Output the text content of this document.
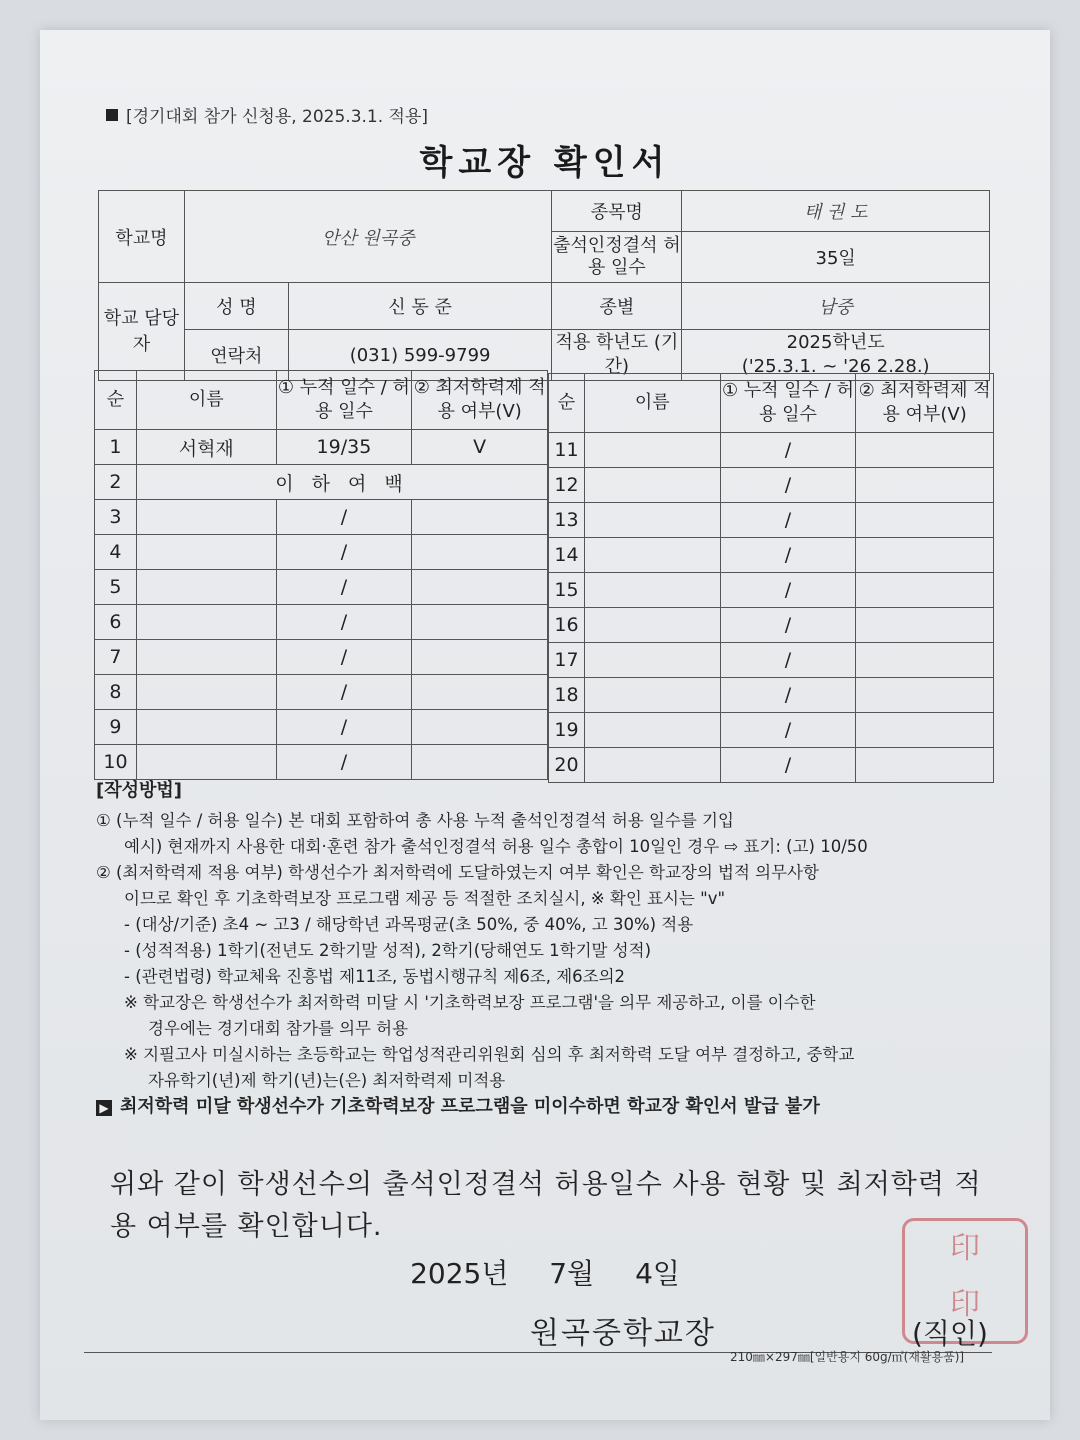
[경기대회 참가 신청용, 2025.3.1. 적용]
학교장 확인서
학교명	안산 원곡중		종목명	태 권 도
			출석인정결석 허용 일수	35일
학교 담당자	성 명	신 동 준	종별	남중
	연락처	(031) 599-9799	적용 학년도 (기간)	2025학년도
('25.3.1. ~ '26 2.28.)
순	이름	① 누적 일수 / 허용 일수	② 최저학력제 적용 여부(V)
1	서혁재	19/35	V
2	이 하 여 백		
3		/	
4		/	
5		/	
6		/	
7		/	
8		/	
9		/	
10		/	
순	이름	① 누적 일수 / 허용 일수	② 최저학력제 적용 여부(V)
11		/	
12		/	
13		/	
14		/	
15		/	
16		/	
17		/	
18		/	
19		/	
20		/	

[작성방법]

① (누적 일수 / 허용 일수) 본 대회 포함하여 총 사용 누적 출석인정결석 허용 일수를 기입

예시) 현재까지 사용한 대회·훈련 참가 출석인정결석 허용 일수 총합이 10일인 경우 ⇨ 표기: (고) 10/50

② (최저학력제 적용 여부) 학생선수가 최저학력에 도달하였는지 여부 확인은 학교장의 법적 의무사항

이므로 확인 후 기초학력보장 프로그램 제공 등 적절한 조치실시, ※ 확인 표시는 "v"

- (대상/기준) 초4 ~ 고3 / 해당학년 과목평균(초 50%, 중 40%, 고 30%) 적용

- (성적적용) 1학기(전년도 2학기말 성적), 2학기(당해연도 1학기말 성적)

- (관련법령) 학교체육 진흥법 제11조, 동법시행규칙 제6조, 제6조의2

※ 학교장은 학생선수가 최저학력 미달 시 '기초학력보장 프로그램'을 의무 제공하고, 이를 이수한

경우에는 경기대회 참가를 의무 허용

※ 지필고사 미실시하는 초등학교는 학업성적관리위원회 심의 후 최저학력 도달 여부 결정하고, 중학교

자유학기(년)제 학기(년)는(은) 최저학력제 미적용

▶ 최저학력 미달 학생선수가 기초학력보장 프로그램을 미이수하면 학교장 확인서 발급 불가

위와 같이 학생선수의 출석인정결석 허용일수 사용 현황 및 최저학력 적용 여부를 확인합니다.
2025년 7월 4일
印
印
원곡중학교장	(직인)
210㎜×297㎜[일반용지 60g/㎡(재활용품)]
